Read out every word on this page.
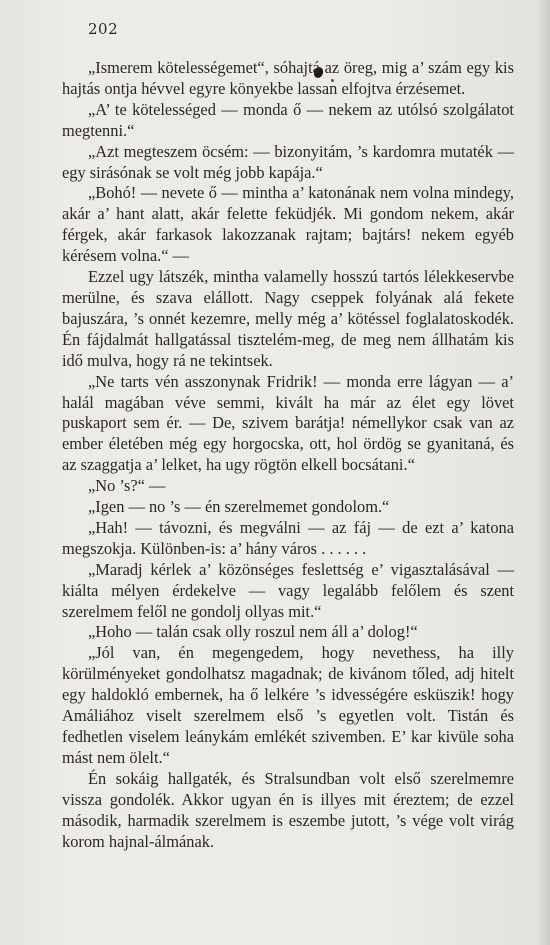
202

„Ismerem kötelességemet“, sóhajtá az öreg, mig a’ szám egy kis hajtás ontja hévvel egyre könyekbe lassan elfojtva érzésemet.

„A’ te kötelességed — monda ő — nekem az utólsó szolgálatot megtenni.“

„Azt megteszem öcsém: — bizonyitám, ’s kardomra mutaték — egy sirásónak se volt még jobb kapája.“

„Bohó! — nevete ő — mintha a’ katonának nem volna mindegy, akár a’ hant alatt, akár felette feküdjék. Mi gondom nekem, akár férgek, akár farkasok lakozzanak rajtam; bajtárs! nekem egyéb kérésem volna.“ —

Ezzel ugy látszék, mintha valamelly hosszú tartós lélekkeservbe merülne, és szava elállott. Nagy cseppek folyának alá fekete bajuszára, ’s onnét kezemre, melly még a’ kötéssel foglalatoskodék. Én fájdalmát hallgatással tisztelém-meg, de meg nem állhatám kis idő mulva, hogy rá ne tekintsek.

„Ne tarts vén asszonynak Fridrik! — monda erre lágyan — a’ halál magában véve semmi, kivált ha már az élet egy lövet puskaport sem ér. — De, szivem barátja! némellykor csak van az ember életében még egy horgocska, ott, hol ördög se gyanitaná, és az szaggatja a’ lelket, ha ugy rögtön elkell bocsátani.“

„No ’s?“ —

„Igen — no ’s — én szerelmemet gondolom.“

„Hah! — távozni, és megválni — az fáj — de ezt a’ katona megszokja. Különben-is: a’ hány város . . . . . .

„Maradj kérlek a’ közönséges feslettség e’ vigasztalásával — kiálta mélyen érdekelve — vagy legalább felőlem és szent szerelmem felől ne gondolj ollyas mit.“

„Hoho — talán csak olly roszul nem áll a’ dolog!“

„Jól van, én megengedem, hogy nevethess, ha illy körülményeket gondolhatsz magadnak; de kivánom tőled, adj hitelt egy haldokló embernek, ha ő lelkére ’s idvességére esküszik! hogy Amáliához viselt szerelmem első ’s egyetlen volt. Tistán és fedhetlen viselem leánykám emlékét szivemben. E’ kar kivüle soha mást nem ölelt.“

Én sokáig hallgaték, és Stralsundban volt első szerelmemre vissza gondolék. Akkor ugyan én is illyes mit éreztem; de ezzel második, harmadik szerelmem is eszembe jutott, ’s vége volt virág korom hajnal-álmának.
